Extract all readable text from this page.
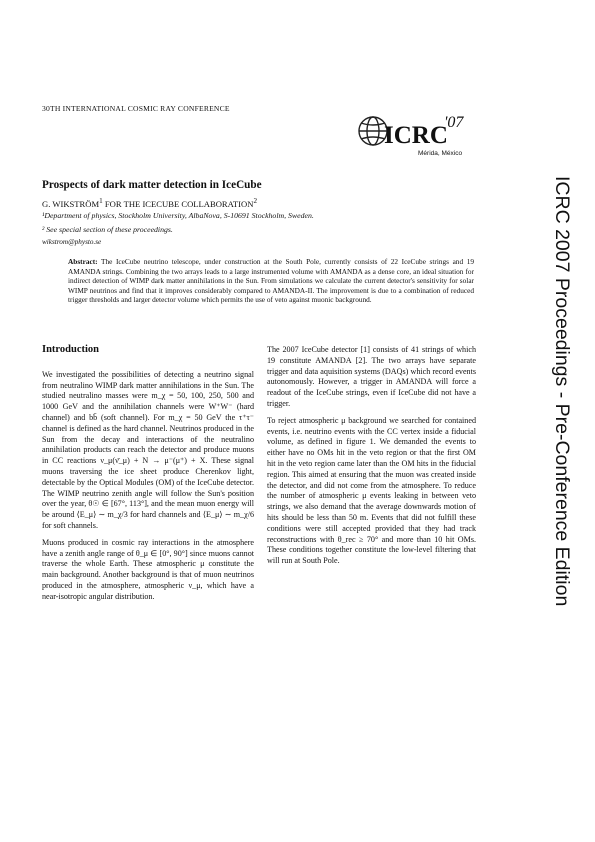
30TH INTERNATIONAL COSMIC RAY CONFERENCE
ICRC
'07
Mérida, México
ICRC 2007 Proceedings - Pre-Conference Edition
Prospects of dark matter detection in IceCube
G. WIKSTRÖM$^1$ FOR THE ICECUBE COLLABORATION$^2$
¹Department of physics, Stockholm University, AlbaNova, S-10691 Stockholm, Sweden.
² See special section of these proceedings.
wikstrom@physto.se
Abstract: The IceCube neutrino telescope, under construction at the South Pole, currently consists of 22 IceCube strings and 19 AMANDA strings. Combining the two arrays leads to a large instrumented volume with AMANDA as a dense core, an ideal situation for indirect detection of WIMP dark matter annihilations in the Sun. From simulations we calculate the current detector's sensitivity for solar WIMP neutrinos and find that it improves considerably compared to AMANDA-II. The improvement is due to a combination of reduced trigger thresholds and larger detector volume which permits the use of veto against muonic background.
Introduction

We investigated the possibilities of detecting a neutrino signal from neutralino WIMP dark matter annihilations in the Sun. The studied neutralino masses were m_χ = 50, 100, 250, 500 and 1000 GeV and the annihilation channels were W⁺W⁻ (hard channel) and bb̄ (soft channel). For m_χ = 50 GeV the τ⁺τ⁻ channel is defined as the hard channel. Neutrinos produced in the Sun from the decay and interactions of the neutralino annihilation products can reach the detector and produce muons in CC reactions ν_μ(ν̄_μ) + N → μ⁻(μ⁺) + X. These signal muons traversing the ice sheet produce Cherenkov light, detectable by the Optical Modules (OM) of the IceCube detector. The WIMP neutrino zenith angle will follow the Sun's position over the year, θ☉ ∈ [67°, 113°], and the mean muon energy will be around ⟨E_μ⟩ ∼ m_χ/3 for hard channels and ⟨E_μ⟩ ∼ m_χ/6 for soft channels.

Muons produced in cosmic ray interactions in the atmosphere have a zenith angle range of θ_μ ∈ [0°, 90°] since muons cannot traverse the whole Earth. These atmospheric μ constitute the main background. Another background is that of muon neutrinos produced in the atmosphere, atmospheric ν_μ, which have a near-isotropic angular distribution.

The 2007 IceCube detector [1] consists of 41 strings of which 19 constitute AMANDA [2]. The two arrays have separate trigger and data aquisition systems (DAQs) which record events autonomously. However, a trigger in AMANDA will force a readout of the IceCube strings, even if IceCube did not have a trigger.

To reject atmospheric μ background we searched for contained events, i.e. neutrino events with the CC vertex inside a fiducial volume, as defined in figure 1. We demanded the events to either have no OMs hit in the veto region or that the first OM hit in the veto region came later than the OM hits in the fiducial region. This aimed at ensuring that the muon was created inside the detector, and did not come from the atmosphere. To reduce the number of atmospheric μ events leaking in between veto strings, we also demand that the average downwards motion of hits should be less than 50 m. Events that did not fulfill these conditions were still accepted provided that they had track reconstructions with θ_rec ≥ 70° and more than 10 hit OMs. These conditions together constitute the low-level filtering that will run at South Pole.
